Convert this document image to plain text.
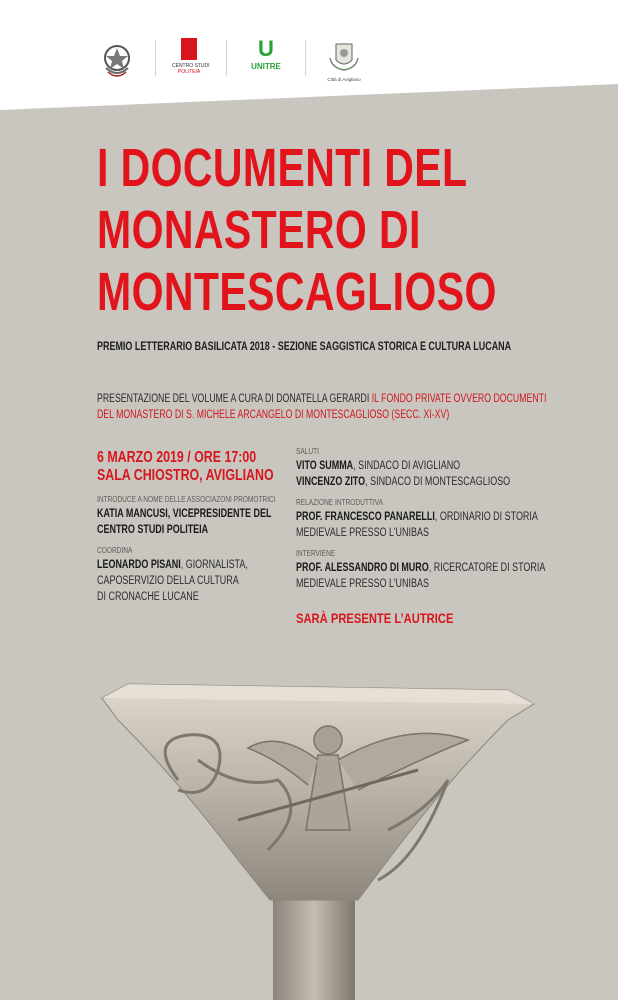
CENTRO STUDI
POLITEIA
U
UNITRE
Città di Avigliano
I DOCUMENTI DEL
MONASTERO DI
MONTESCAGLIOSO
PREMIO LETTERARIO BASILICATA 2018 - SEZIONE SAGGISTICA STORICA E CULTURA LUCANA
PRESENTAZIONE DEL VOLUME A CURA DI DONATELLA GERARDI IL FONDO PRIVATE OVVERO DOCUMENTI
DEL MONASTERO DI S. MICHELE ARCANGELO DI MONTESCAGLIOSO (SECC. XI-XV)
6 MARZO 2019 / ORE 17:00
SALA CHIOSTRO, AVIGLIANO
INTRODUCE A NOME DELLE ASSOCIAZONI PROMOTRICI
KATIA MANCUSI, VICEPRESIDENTE DEL
CENTRO STUDI POLITEIA
COORDINA
LEONARDO PISANI, GIORNALISTA,
CAPOSERVIZIO DELLA CULTURA
DI CRONACHE LUCANE
SALUTI
VITO SUMMA, SINDACO DI AVIGLIANO
VINCENZO ZITO, SINDACO DI MONTESCAGLIOSO
RELAZIONE INTRODUTTIVA
PROF. FRANCESCO PANARELLI, ORDINARIO DI STORIA
MEDIEVALE PRESSO L’UNIBAS
INTERVIENE
PROF. ALESSANDRO DI MURO, RICERCATORE DI STORIA
MEDIEVALE PRESSO L’UNIBAS
SARÀ PRESENTE L’AUTRICE
